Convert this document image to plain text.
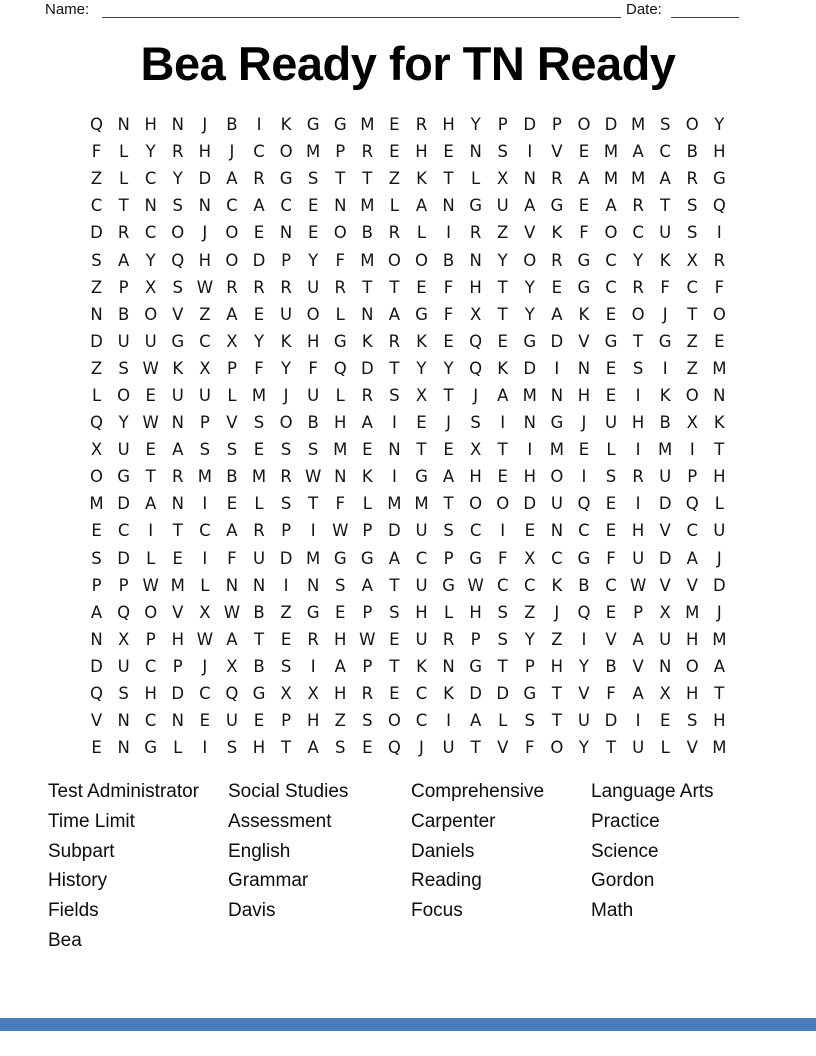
Name:	Date:
Bea Ready for TN Ready
Q N H N	J	B	I	K G G M E R H Y	P D P O D M S O Y
F	L	Y R H	J	C O M P R E H E N S	I	V E M A C B H
Z	L	C Y D A R G S	T	T Z K	T	L	X N R A M M A R G
C T N S N C A C E N M L	A N G U A G E A R T	S Q
D R C O	J	O E N E O B R	L	I	R Z V K	F O C U S	I
S A Y Q H O D P	Y	F M O O B N Y O R G C Y	K X R
Z P X S W R R R U R T	T	E	F H T	Y	E G C R	F	C	F
N B O V Z A E U O L N A G F	X T	Y A K E O	J	T O
D U U G C X Y	K H G K R K E Q E G D V G T G Z E
Z S W K X P	F	Y	F Q D T	Y	Y Q K D	I	N E	S	I	Z M
L O E U U L M	J	U L	R S X T	J	A M N H E	I	K O N
Q Y W N P V S O B H A	I	E	J	S	I	N G	J	U H B X K
X U E A S	S	E	S	S M E N T	E X T	I	M E	L	I	M	I	T
O G T R M B M R W N K	I	G A H E H O	I	S R U P H
M D A N	I	E	L	S	T	F	L M M T O O D U Q E	I	D Q L
E C	I	T C A R P	I W P D U S C	I	E N C E H V C U
S D L	E	I	F U D M G G A C P G F	X C G F U D A	J
P	P W M L N N	I	N S A T U G W C C K B C W V V D
A Q O V X W B Z G E	P	S H L H S Z	J	Q E	P X M	J
N X P H W A T	E R H W E U R P	S	Y Z	I	V A U H M
D U C P	J	X B S	I	A P	T	K N G T	P H Y B V N O A
Q S H D C Q G X X H R E C K D D G T V	F	A X H T
V N C N E U E	P H Z S O C	I	A	L	S	T U D	I	E	S H
E N G L	I	S H T A S	E Q	J	U T V	F O Y	T U L	V M
Test Administrator
Time Limit
Subpart
History
Fields
Bea
Social Studies
Assessment
English
Grammar
Davis
Comprehensive
Carpenter
Daniels
Reading
Focus
Language Arts
Practice
Science
Gordon
Math
